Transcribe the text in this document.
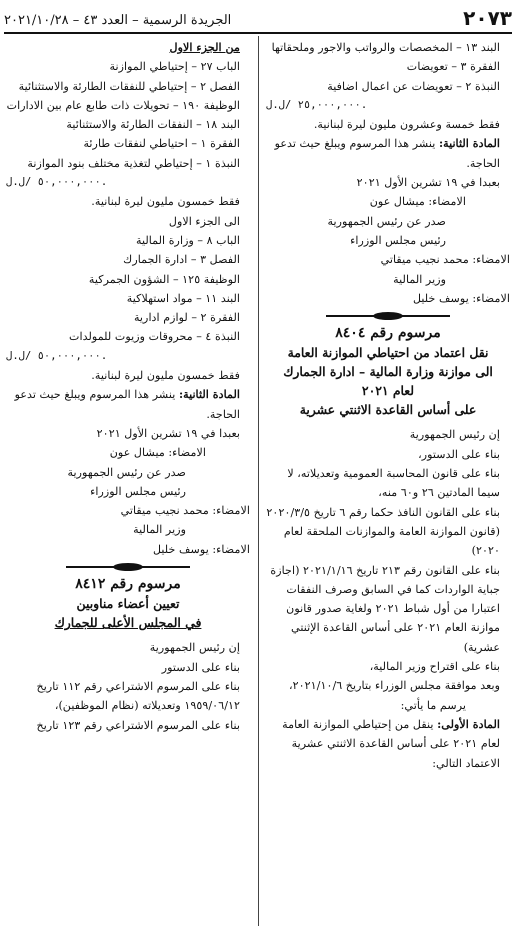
٢٠٧٣
الجريدة الرسمية – العدد ٤٣ – ٢٠٢١/١٠/٢٨

البند ١٣ – المخصصات والرواتب والاجور وملحقاتها

الفقرة ٣ – تعويضات

النبذة ٢ – تعويضات عن اعمال اضافية

٢٥,٠٠٠,٠٠٠ /ل.ل.

فقط خمسة وعشرون مليون ليرة لبنانية.

المادة الثانية: ينشر هذا المرسوم ويبلغ حيث تدعو الحاجة.

بعبدا في ١٩ تشرين الأول ٢٠٢١

الامضاء: ميشال عون

صدر عن رئيس الجمهورية

رئيس مجلس الوزراء

الامضاء: محمد نجيب ميقاتي

وزير المالية

الامضاء: يوسف خليل

مرسوم رقم ٨٤٠٤

نقل اعتماد من احتياطي الموازنة العامة

الى موازنة وزارة المالية – ادارة الجمارك

لعام ٢٠٢١

على أساس القاعدة الاثنتي عشرية

إن رئيس الجمهورية

بناء على الدستور،

بناء على قانون المحاسبة العمومية وتعديلاته، لا سيما المادتين ٢٦ و٦٠ منه،

بناء على القانون النافذ حكما رقم ٦ تاريخ ٢٠٢٠/٣/٥ (قانون الموازنة العامة والموازنات الملحقة لعام ٢٠٢٠)

بناء على القانون رقم ٢١٣ تاريخ ٢٠٢١/١/١٦ (اجازة جباية الواردات كما في السابق وصرف النفقات اعتبارا من أول شباط ٢٠٢١ ولغاية صدور قانون موازنة العام ٢٠٢١ على أساس القاعدة الإثنتي عشرية)

بناء على اقتراح وزير المالية،

وبعد موافقة مجلس الوزراء بتاريخ ٢٠٢١/١٠/٦،

يرسم ما يأتي:

المادة الأولى: ينقل من إحتياطي الموازنة العامة لعام ٢٠٢١ على أساس القاعدة الاثنتي عشرية الاعتماد التالي:

من الجزء الاول

الباب ٢٧ – إحتياطي الموازنة

الفصل ٢ – إحتياطي للنفقات الطارئة والاستثنائية

الوظيفة ١٩٠ – تحويلات ذات طابع عام بين الادارات

البند ١٨ – النفقات الطارئة والاستثنائية

الفقرة ١ – احتياطي لنفقات طارئة

النبذة ١ – إحتياطي لتغذية مختلف بنود الموازنة

٥٠,٠٠٠,٠٠٠ /ل.ل.

فقط خمسون مليون ليرة لبنانية.

الى الجزء الاول

الباب ٨ – وزارة المالية

الفصل ٣ – ادارة الجمارك

الوظيفة ١٢٥ – الشؤون الجمركية

البند ١١ – مواد استهلاكية

الفقرة ٢ – لوازم ادارية

النبذة ٤ – محروقات وزيوت للمولدات

٥٠,٠٠٠,٠٠٠ /ل.ل.

فقط خمسون مليون ليرة لبنانية.

المادة الثانية: ينشر هذا المرسوم ويبلغ حيث تدعو الحاجة.

بعبدا في ١٩ تشرين الأول ٢٠٢١

الامضاء: ميشال عون

صدر عن رئيس الجمهورية

رئيس مجلس الوزراء

الامضاء: محمد نجيب ميقاتي

وزير المالية

الامضاء: يوسف خليل

مرسوم رقم ٨٤١٢

تعيين أعضاء مناوبين

في المجلس الأعلى للجمارك

إن رئيس الجمهورية

بناء على الدستور

بناء على المرسوم الاشتراعي رقم ١١٢ تاريخ ١٩٥٩/٠٦/١٢ وتعديلاته (نظام الموظفين)،

بناء على المرسوم الاشتراعي رقم ١٢٣ تاريخ
